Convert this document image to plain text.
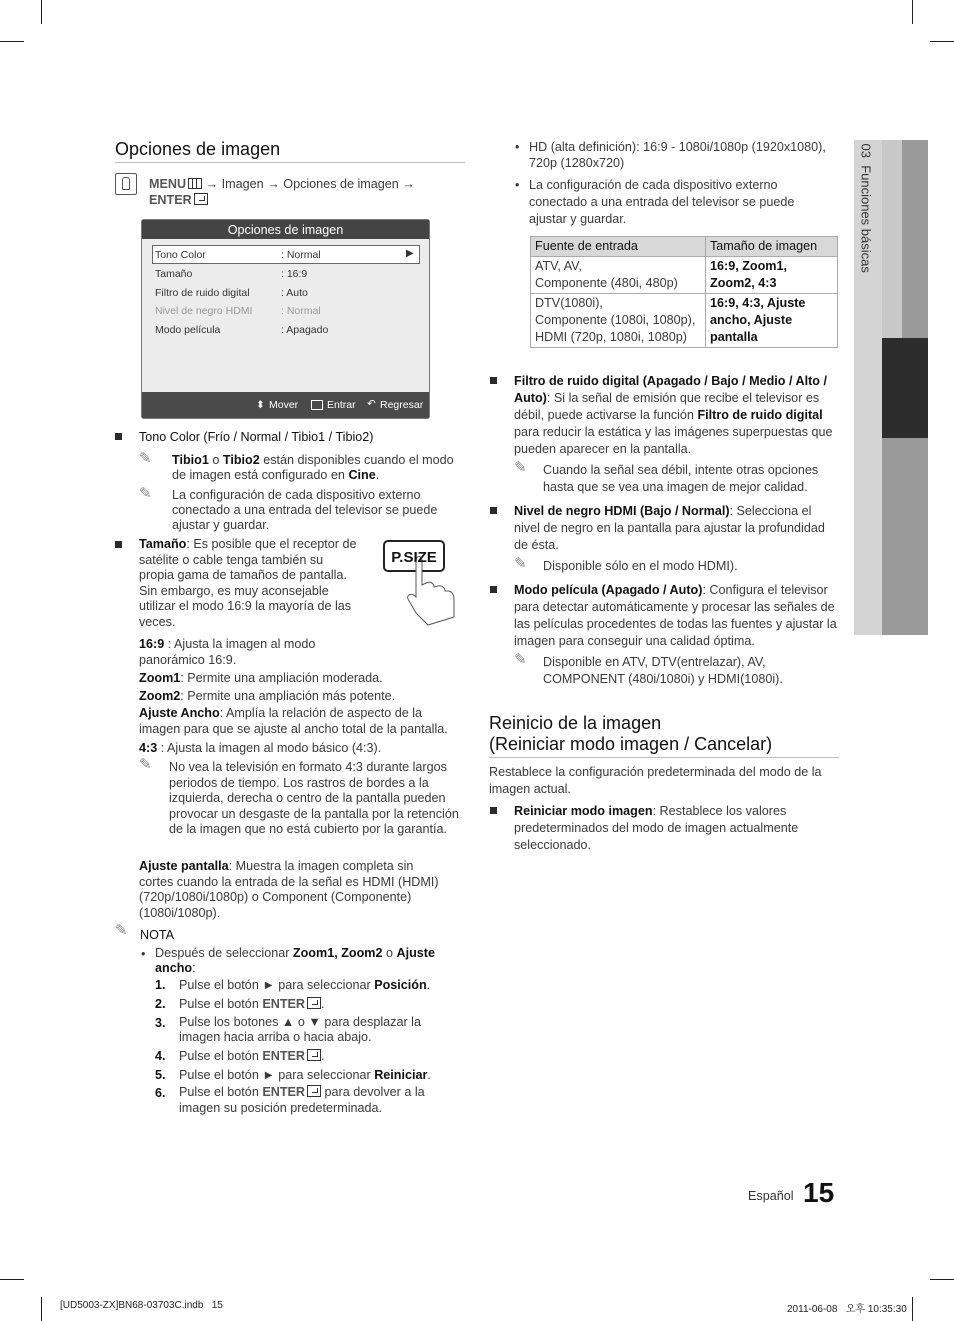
03  Funciones básicas
Opciones de imagen
MENU → Imagen → Opciones de imagen →
ENTER
Opciones de imagen
Tono Color	: Normal	▶
Tamaño	: 16:9
Filtro de ruido digital	: Auto
Nivel de negro HDMI	: Normal
Modo película	: Apagado
⬍ Mover	Entrar ↶ Regresar
Tono Color (Frío / Normal / Tibio1 / Tibio2)
✎ Tibio1 o Tibio2 están disponibles cuando el modo de imagen está configurado en Cine.
✎ La configuración de cada dispositivo externo conectado a una entrada del televisor se puede ajustar y guardar.
Tamaño: Es posible que el receptor de satélite o cable tenga también su propia gama de tamaños de pantalla. Sin embargo, es muy aconsejable utilizar el modo 16:9 la mayoría de las veces.
P.SIZE
16:9 : Ajusta la imagen al modo panorámico 16:9.
Zoom1: Permite una ampliación moderada.
Zoom2: Permite una ampliación más potente.
Ajuste Ancho: Amplía la relación de aspecto de la imagen para que se ajuste al ancho total de la pantalla.
4:3 : Ajusta la imagen al modo básico (4:3).
✎ No vea la televisión en formato 4:3 durante largos periodos de tiempo. Los rastros de bordes a la izquierda, derecha o centro de la pantalla pueden provocar un desgaste de la pantalla por la retención de la imagen que no está cubierto por la garantía.
Ajuste pantalla: Muestra la imagen completa sin cortes cuando la entrada de la señal es HDMI (HDMI) (720p/1080i/1080p) o Component (Componente) (1080i/1080p).
✎ NOTA
• Después de seleccionar Zoom1, Zoom2 o Ajuste ancho:
1. Pulse el botón ► para seleccionar Posición.
2. Pulse el botón ENTER .
3. Pulse los botones ▲ o ▼ para desplazar la imagen hacia arriba o hacia abajo.
4. Pulse el botón ENTER .
5. Pulse el botón ► para seleccionar Reiniciar.
6. Pulse el botón ENTER para devolver a la imagen su posición predeterminada.
• HD (alta definición): 16:9 - 1080i/1080p (1920x1080), 720p (1280x720)
• La configuración de cada dispositivo externo conectado a una entrada del televisor se puede ajustar y guardar.
Fuente de entrada	Tamaño de imagen
ATV, AV,
Componente (480i, 480p)	16:9, Zoom1, Zoom2, 4:3
DTV(1080i),
Componente (1080i, 1080p), HDMI (720p, 1080i, 1080p)	16:9, 4:3, Ajuste ancho, Ajuste pantalla
Filtro de ruido digital (Apagado / Bajo / Medio / Alto / Auto): Si la señal de emisión que recibe el televisor es débil, puede activarse la función Filtro de ruido digital para reducir la estática y las imágenes superpuestas que pueden aparecer en la pantalla.
✎ Cuando la señal sea débil, intente otras opciones hasta que se vea una imagen de mejor calidad.
Nivel de negro HDMI (Bajo / Normal): Selecciona el nivel de negro en la pantalla para ajustar la profundidad de ésta.
✎ Disponible sólo en el modo HDMI).
Modo película (Apagado / Auto): Configura el televisor para detectar automáticamente y procesar las señales de las películas procedentes de todas las fuentes y ajustar la imagen para conseguir una calidad óptima.
✎ Disponible en ATV, DTV(entrelazar), AV, COMPONENT (480i/1080i) y HDMI(1080i).
Reinicio de la imagen
(Reiniciar modo imagen / Cancelar)
Restablece la configuración predeterminada del modo de la imagen actual.
Reiniciar modo imagen: Restablece los valores predeterminados del modo de imagen actualmente seleccionado.
Español 15
[UD5003-ZX]BN68-03703C.indb   15	2011-06-08   오후 10:35:30
